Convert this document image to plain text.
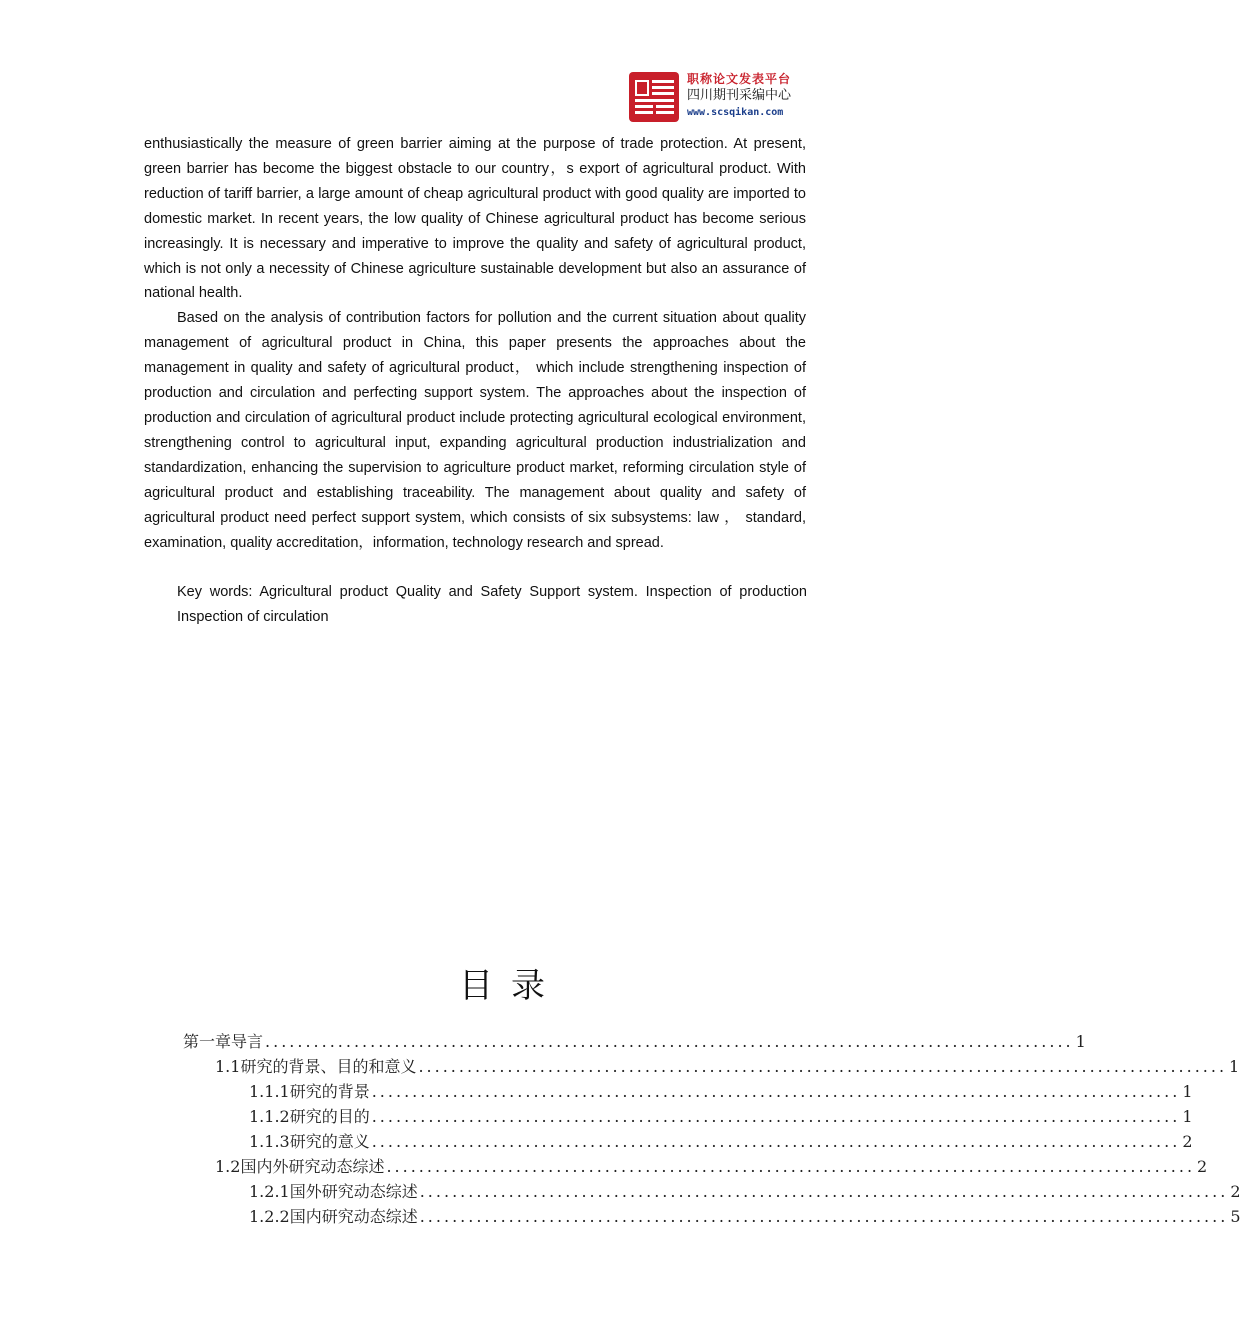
职称论文发表平台
四川期刊采编中心
www.scsqikan.com

enthusiastically the measure of green barrier aiming at the purpose of trade protection. At present, green barrier has become the biggest obstacle to our country，s export of agricultural product. With reduction of tariff barrier, a large amount of cheap agricultural product with good quality are imported to domestic market. In recent years, the low quality of Chinese agricultural product has become serious increasingly. It is necessary and imperative to improve the quality and safety of agricultural product, which is not only a necessity of Chinese agriculture sustainable development but also an assurance of national health.

Based on the analysis of contribution factors for pollution and the current situation about quality management of agricultural product in China, this paper presents the approaches about the management in quality and safety of agricultural product， which include strengthening inspection of production and circulation and perfecting support system. The approaches about the inspection of production and circulation of agricultural product include protecting agricultural ecological environment, strengthening control to agricultural input, expanding agricultural production industrialization and standardization, enhancing the supervision to agriculture product market, reforming circulation style of agricultural product and establishing traceability. The management about quality and safety of agricultural product need perfect support system, which consists of six subsystems: law ， standard, examination, quality accreditation，information, technology research and spread.

Key words: Agricultural product Quality and Safety Support system. Inspection of production Inspection of circulation
目录
第一章导言 .................................................................................................... 1
1.1研究的背景、目的和意义 .................................................................................................... 1
1.1.1研究的背景 .................................................................................................... 1
1.1.2研究的目的 .................................................................................................... 1
1.1.3研究的意义 .................................................................................................... 2
1.2国内外研究动态综述 .................................................................................................... 2
1.2.1国外研究动态综述 .................................................................................................... 2
1.2.2国内研究动态综述 .................................................................................................... 5
